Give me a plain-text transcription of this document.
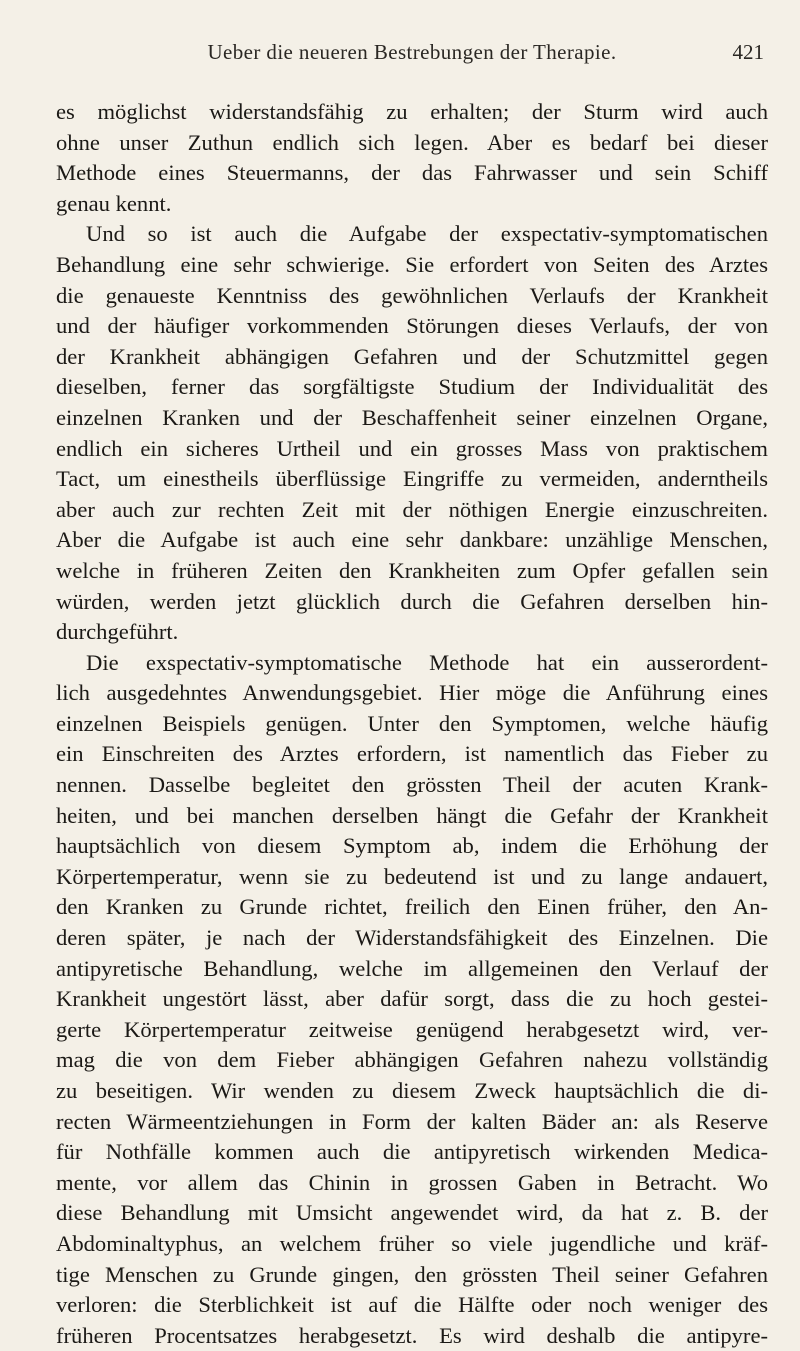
Ueber die neueren Bestrebungen der Therapie.	421
es möglichst widerstandsfähig zu erhalten; der Sturm wird auch
ohne unser Zuthun endlich sich legen. Aber es bedarf bei dieser
Methode eines Steuermanns, der das Fahrwasser und sein Schiff
genau kennt.
Und so ist auch die Aufgabe der exspectativ-symptomatischen
Behandlung eine sehr schwierige. Sie erfordert von Seiten des Arztes
die genaueste Kenntniss des gewöhnlichen Verlaufs der Krankheit
und der häufiger vorkommenden Störungen dieses Verlaufs, der von
der Krankheit abhängigen Gefahren und der Schutzmittel gegen
dieselben, ferner das sorgfältigste Studium der Individualität des
einzelnen Kranken und der Beschaffenheit seiner einzelnen Organe,
endlich ein sicheres Urtheil und ein grosses Mass von praktischem
Tact, um einestheils überflüssige Eingriffe zu vermeiden, anderntheils
aber auch zur rechten Zeit mit der nöthigen Energie einzuschreiten.
Aber die Aufgabe ist auch eine sehr dankbare: unzählige Menschen,
welche in früheren Zeiten den Krankheiten zum Opfer gefallen sein
würden, werden jetzt glücklich durch die Gefahren derselben hin-
durchgeführt.
Die exspectativ-symptomatische Methode hat ein ausserordent-
lich ausgedehntes Anwendungsgebiet. Hier möge die Anführung eines
einzelnen Beispiels genügen. Unter den Symptomen, welche häufig
ein Einschreiten des Arztes erfordern, ist namentlich das Fieber zu
nennen. Dasselbe begleitet den grössten Theil der acuten Krank-
heiten, und bei manchen derselben hängt die Gefahr der Krankheit
hauptsächlich von diesem Symptom ab, indem die Erhöhung der
Körpertemperatur, wenn sie zu bedeutend ist und zu lange andauert,
den Kranken zu Grunde richtet, freilich den Einen früher, den An-
deren später, je nach der Widerstandsfähigkeit des Einzelnen. Die
antipyretische Behandlung, welche im allgemeinen den Verlauf der
Krankheit ungestört lässt, aber dafür sorgt, dass die zu hoch gestei-
gerte Körpertemperatur zeitweise genügend herabgesetzt wird, ver-
mag die von dem Fieber abhängigen Gefahren nahezu vollständig
zu beseitigen. Wir wenden zu diesem Zweck hauptsächlich die di-
recten Wärmeentziehungen in Form der kalten Bäder an: als Reserve
für Nothfälle kommen auch die antipyretisch wirkenden Medica-
mente, vor allem das Chinin in grossen Gaben in Betracht. Wo
diese Behandlung mit Umsicht angewendet wird, da hat z. B. der
Abdominaltyphus, an welchem früher so viele jugendliche und kräf-
tige Menschen zu Grunde gingen, den grössten Theil seiner Gefahren
verloren: die Sterblichkeit ist auf die Hälfte oder noch weniger des
früheren Procentsatzes herabgesetzt. Es wird deshalb die antipyre-
